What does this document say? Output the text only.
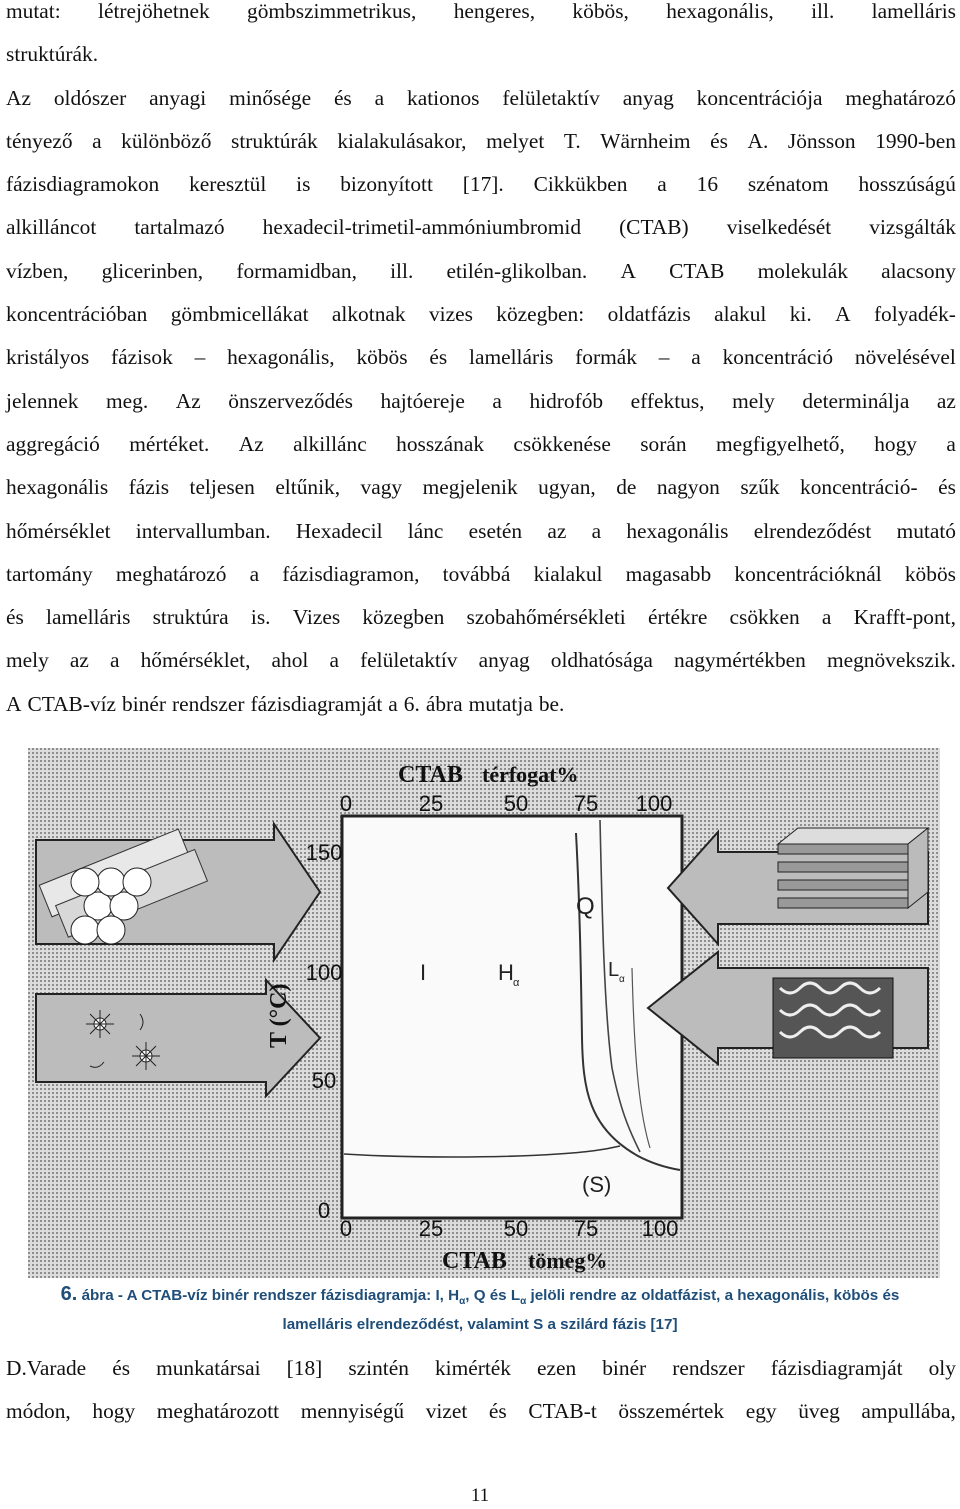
mutat: létrejöhetnek gömbszimmetrikus, hengeres, köbös, hexagonális, ill. lamelláris
struktúrák.
Az oldószer anyagi minősége és a kationos felületaktív anyag koncentrációja meghatározó
tényező a különböző struktúrák kialakulásakor, melyet T. Wärnheim és A. Jönsson 1990-ben
fázisdiagramokon keresztül is bizonyított [17]. Cikkükben a 16 szénatom hosszúságú
alkilláncot tartalmazó hexadecil-trimetil-ammóniumbromid (CTAB) viselkedését vizsgálták
vízben, glicerinben, formamidban, ill. etilén-glikolban. A CTAB molekulák alacsony
koncentrációban gömbmicellákat alkotnak vizes közegben: oldatfázis alakul ki. A folyadék-
kristályos fázisok – hexagonális, köbös és lamelláris formák – a koncentráció növelésével
jelennek meg. Az önszerveződés hajtóereje a hidrofób effektus, mely determinálja az
aggregáció mértéket. Az alkillánc hosszának csökkenése során megfigyelhető, hogy a
hexagonális fázis teljesen eltűnik, vagy megjelenik ugyan, de nagyon szűk koncentráció- és
hőmérséklet intervallumban. Hexadecil lánc esetén az a hexagonális elrendeződést mutató
tartomány meghatározó a fázisdiagramon, továbbá kialakul magasabb koncentrációknál köbös
és lamelláris struktúra is. Vizes közegben szobahőmérsékleti értékre csökken a Krafft-pont,
mely az a hőmérséklet, ahol a felületaktív anyag oldhatósága nagymértékben megnövekszik.
A CTAB-víz binér rendszer fázisdiagramját a 6. ábra mutatja be.
CTAB térfogat%
0	25	50 75 100
0	25	50 75 100
0
50
100
150
CTAB tömeg%
T (°C)
I	H α
Q
L α
(S)
6. ábra - A CTAB-víz binér rendszer fázisdiagramja: I, $H_\alpha$, Q és $L_\alpha$ jelöli rendre az oldatfázist, a hexagonális, köbös és
lamelláris elrendeződést, valamint S a szilárd fázis [17]
D.Varade és munkatársai [18] szintén kimérték ezen binér rendszer fázisdiagramját oly
módon, hogy meghatározott mennyiségű vizet és CTAB-t összemértek egy üveg ampullába,
11
